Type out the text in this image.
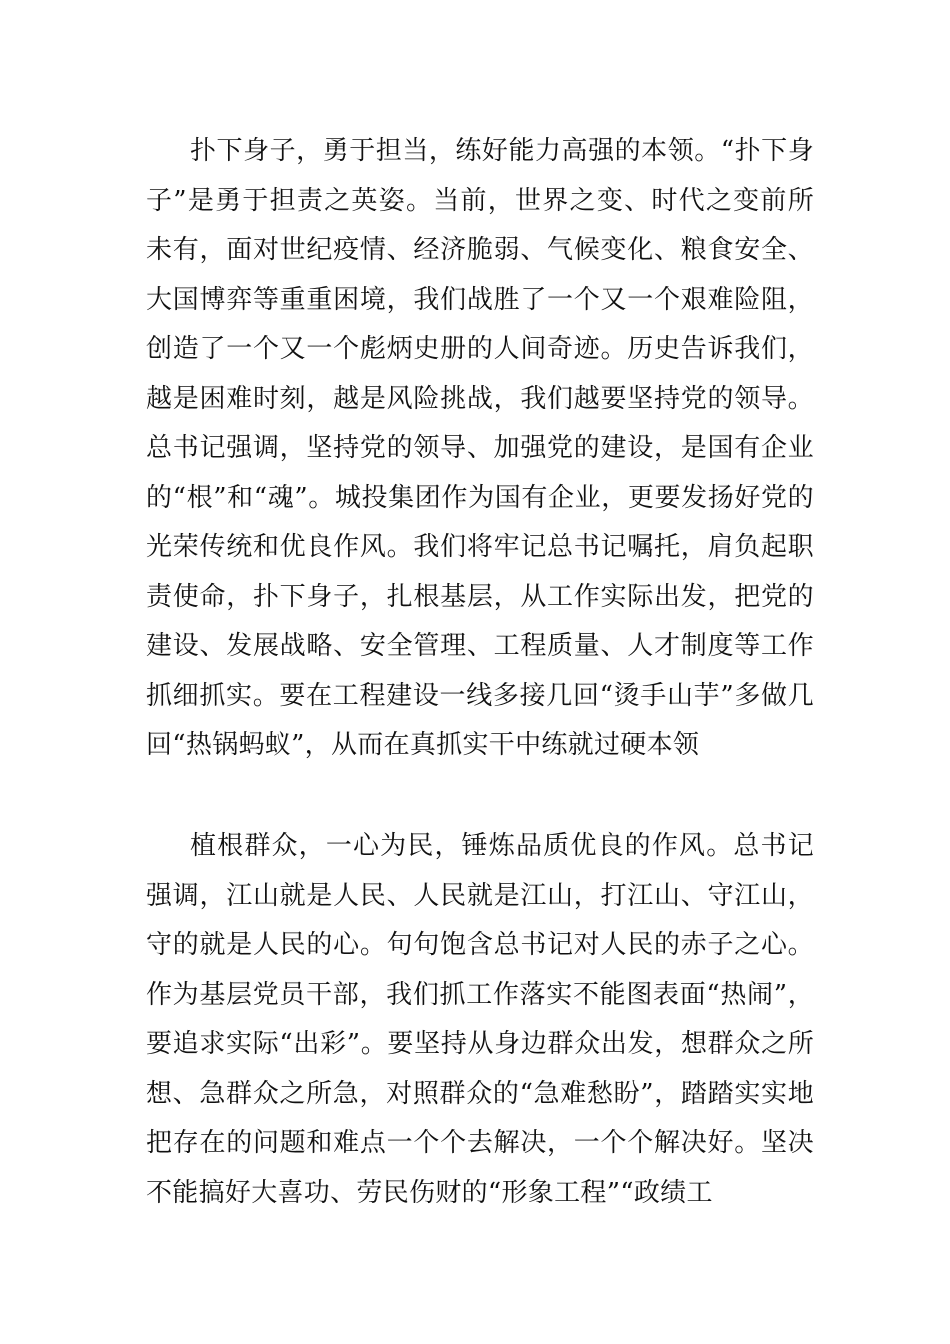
扑下身子，勇于担当，练好能力高强的本领。“扑下身子”是勇于担责之英姿。当前，世界之变、时代之变前所未有，面对世纪疫情、经济脆弱、气候变化、粮食安全、大国博弈等重重困境，我们战胜了一个又一个艰难险阻，创造了一个又一个彪炳史册的人间奇迹。历史告诉我们，越是困难时刻，越是风险挑战，我们越要坚持党的领导。总书记强调，坚持党的领导、加强党的建设，是国有企业的“根”和“魂”。城投集团作为国有企业，更要发扬好党的光荣传统和优良作风。我们将牢记总书记嘱托，肩负起职责使命，扑下身子，扎根基层，从工作实际出发，把党的建设、发展战略、安全管理、工程质量、人才制度等工作抓细抓实。要在工程建设一线多接几回“烫手山芋”多做几回“热锅蚂蚁”，从而在真抓实干中练就过硬本领

植根群众，一心为民，锤炼品质优良的作风。总书记强调，江山就是人民、人民就是江山，打江山、守江山，守的就是人民的心。句句饱含总书记对人民的赤子之心。作为基层党员干部，我们抓工作落实不能图表面“热闹”，要追求实际“出彩”。要坚持从身边群众出发，想群众之所想、急群众之所急，对照群众的“急难愁盼”，踏踏实实地把存在的问题和难点一个个去解决，一个个解决好。坚决不能搞好大喜功、劳民伤财的“形象工程”“政绩工
